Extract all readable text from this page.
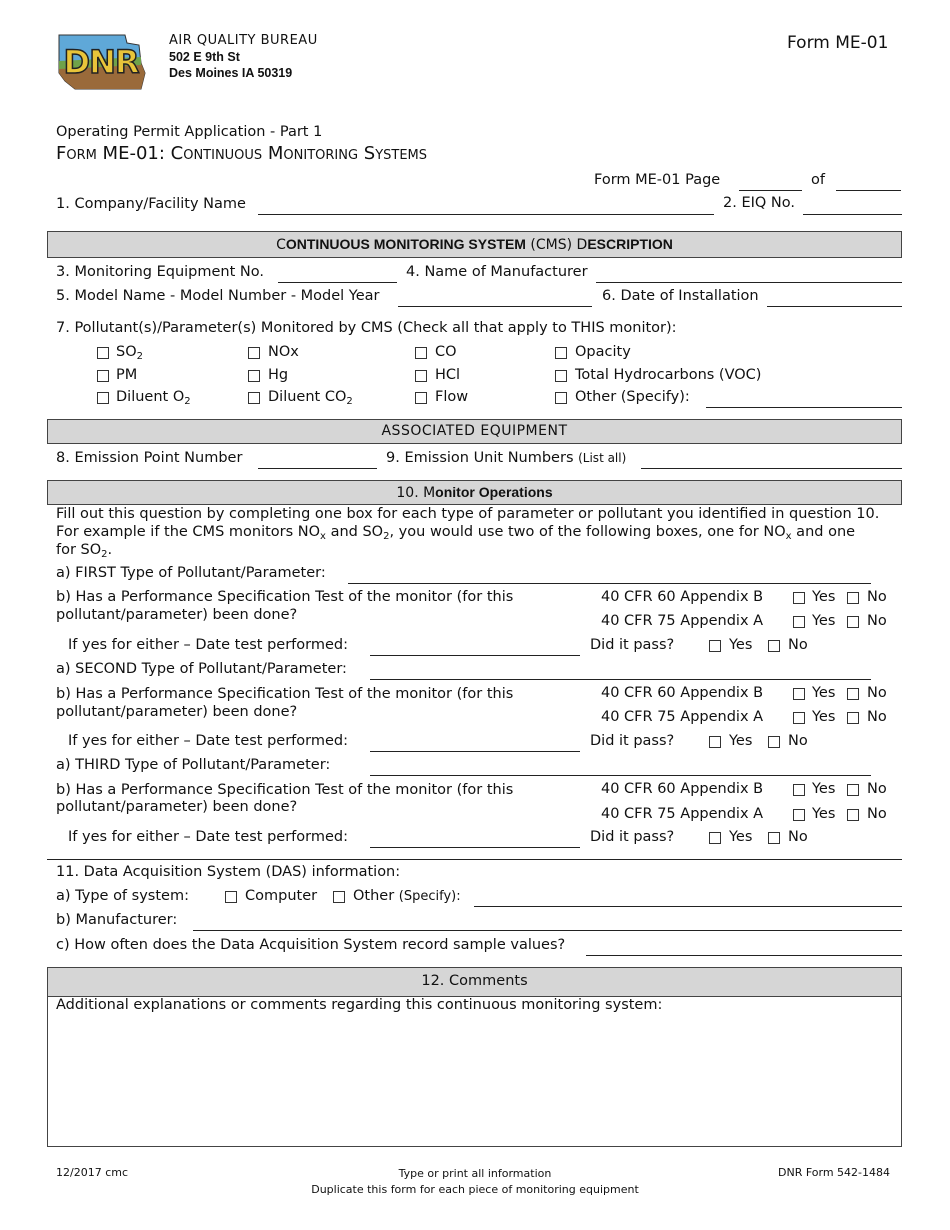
DNR
AIR QUALITY BUREAU
502 E 9th St
Des Moines IA 50319
Form ME-01
Operating Permit Application - Part 1
Form ME-01: Continuous Monitoring Systems
Form ME-01 Page	of
1. Company/Facility Name	2. EIQ No.
CONTINUOUS MONITORING SYSTEM (CMS) DESCRIPTION
3. Monitoring Equipment No.	4. Name of Manufacturer
5. Model Name - Model Number - Model Year	6. Date of Installation
7. Pollutant(s)/Parameter(s) Monitored by CMS (Check all that apply to THIS monitor):
$SO_2$	NOx	CO	Opacity
PM	Hg	HCl	Total Hydrocarbons (VOC)
Diluent $O_2$	Diluent $CO_2$	Flow	Other (Specify):
ASSOCIATED EQUIPMENT
8. Emission Point Number	9. Emission Unit Numbers (List all)
10. Monitor Operations
Fill out this question by completing one box for each type of parameter or pollutant you identified in question 10.
For example if the CMS monitors $NO_x$ and $SO_2$, you would use two of the following boxes, one for $NO_x$ and one
for $SO_2$.
a) FIRST Type of Pollutant/Parameter:
b) Has a Performance Specification Test of the monitor (for this
pollutant/parameter) been done?
40 CFR 60 Appendix B	Yes No
40 CFR 75 Appendix A	Yes No
If yes for either – Date test performed:	Did it pass?	Yes No
a) SECOND Type of Pollutant/Parameter:
b) Has a Performance Specification Test of the monitor (for this
pollutant/parameter) been done?
40 CFR 60 Appendix B	Yes No
40 CFR 75 Appendix A	Yes No
If yes for either – Date test performed:	Did it pass?	Yes No
a) THIRD Type of Pollutant/Parameter:
b) Has a Performance Specification Test of the monitor (for this
pollutant/parameter) been done?
40 CFR 60 Appendix B	Yes No
40 CFR 75 Appendix A	Yes No
If yes for either – Date test performed:	Did it pass?	Yes No
11. Data Acquisition System (DAS) information:
a) Type of system:	Computer Other (Specify):
b) Manufacturer:
c) How often does the Data Acquisition System record sample values?
12. Comments
Additional explanations or comments regarding this continuous monitoring system:
12/2017 cmc	Type or print all information
Duplicate this form for each piece of monitoring equipment
DNR Form 542-1484
